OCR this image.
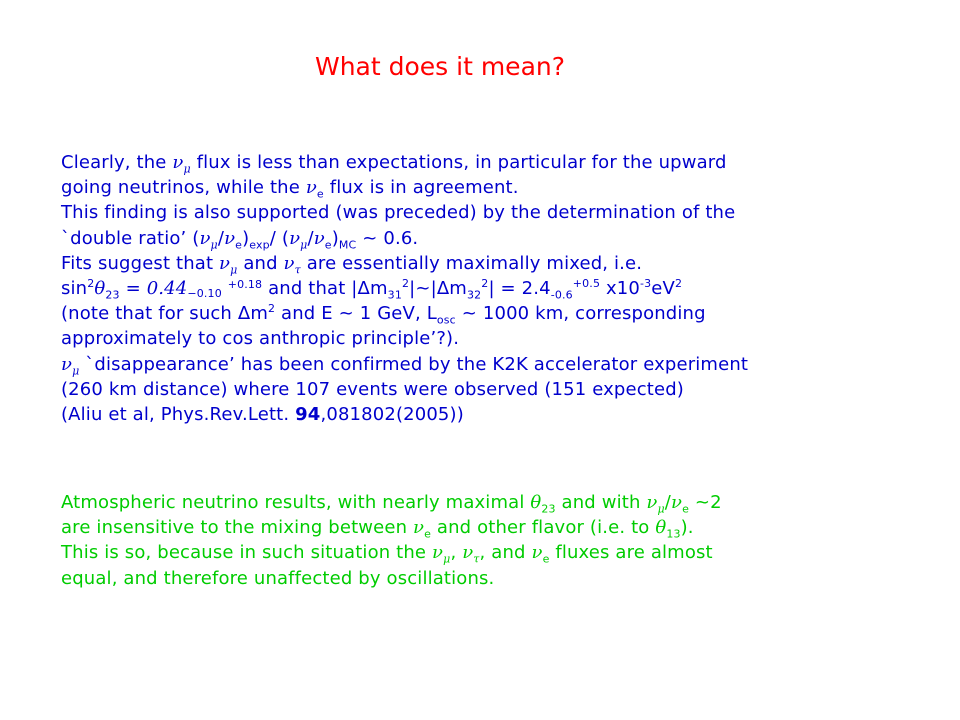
What does it mean?
Clearly, the $\nu_\mu$ flux is less than expectations, in particular for the upward
going neutrinos, while the $\nu_e$ flux is in agreement.
This finding is also supported (was preceded) by the determination of the
`double ratio’ $(\nu_\mu/\nu_e)_{exp}/$ $(\nu_\mu/\nu_e)_{MC}$ ~ 0.6.
Fits suggest that $\nu_\mu$ and $\nu_\tau$ are essentially maximally mixed, i.e.
$\sin^2\theta_{23} = 0.44-0.10$ $^{+0.18}$ and that $|\Delta m_{31}^2|\sim|\Delta m_{32}^2| = 2.4_{-0.6}^{+0.5}$ $x10^{-3}eV^2$
(note that for such $\Delta m^2$ and E ~ 1 GeV, $L_{osc}$ ~ 1000 km, corresponding
approximately to cos anthropic principle’?).
$\nu_\mu$ `disappearance’ has been confirmed by the K2K accelerator experiment
(260 km distance) where 107 events were observed (151 expected)
(Aliu et al, Phys.Rev.Lett. 94,081802(2005))
Atmospheric neutrino results, with nearly maximal $\theta_{23}$ and with $\nu_\mu/\nu_e$ ~2
are insensitive to the mixing between $\nu_e$ and other flavor (i.e. to $\theta_{13}$).
This is so, because in such situation the $\nu_\mu$, $\nu_\tau$, and $\nu_e$ fluxes are almost
equal, and therefore unaffected by oscillations.
